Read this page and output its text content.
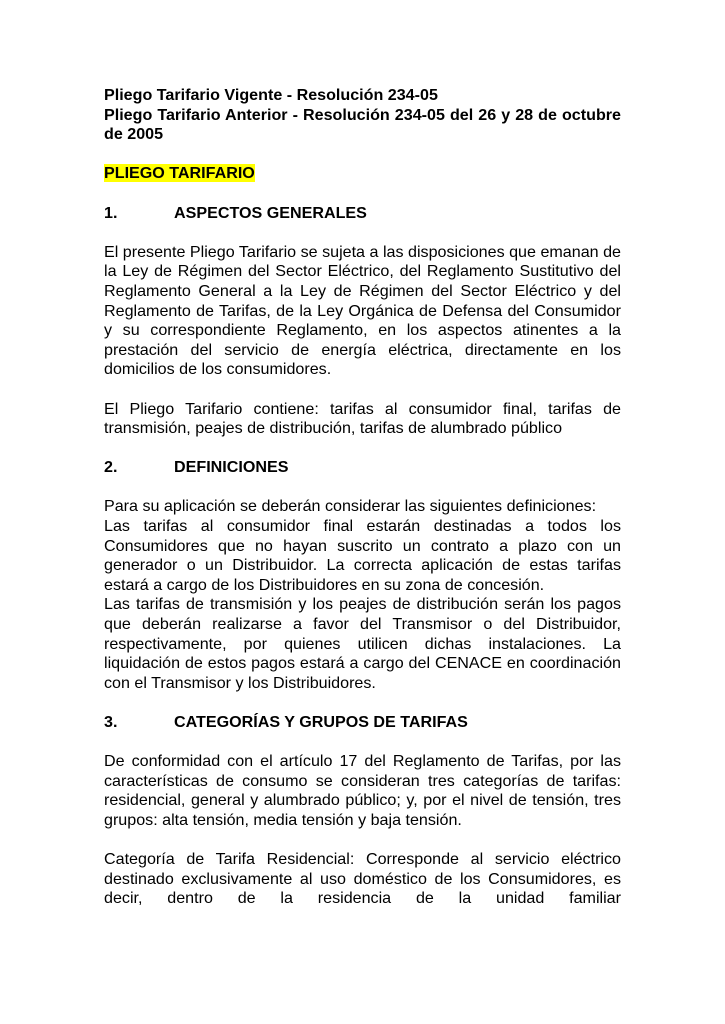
Pliego Tarifario Vigente - Resolución 234-05

Pliego Tarifario Anterior - Resolución 234-05 del 26 y 28 de octubre de 2005

PLIEGO TARIFARIO

1.	ASPECTOS GENERALES

El presente Pliego Tarifario se sujeta a las disposiciones que emanan de la Ley de Régimen del Sector Eléctrico, del Reglamento Sustitutivo del Reglamento General a la Ley de Régimen del Sector Eléctrico y del Reglamento de Tarifas, de la Ley Orgánica de Defensa del Consumidor y su correspondiente Reglamento, en los aspectos atinentes a la prestación del servicio de energía eléctrica, directamente en los domicilios de los consumidores.

El Pliego Tarifario contiene: tarifas al consumidor final, tarifas de transmisión, peajes de distribución, tarifas de alumbrado público

2.	DEFINICIONES

Para su aplicación se deberán considerar las siguientes definiciones:

Las tarifas al consumidor final estarán destinadas a todos los Consumidores que no hayan suscrito un contrato a plazo con un generador o un Distribuidor. La correcta aplicación de estas tarifas estará a cargo de los Distribuidores en su zona de concesión.

Las tarifas de transmisión y los peajes de distribución serán los pagos que deberán realizarse a favor del Transmisor o del Distribuidor, respectivamente, por quienes utilicen dichas instalaciones. La liquidación de estos pagos estará a cargo del CENACE en coordinación con el Transmisor y los Distribuidores.

3.	CATEGORÍAS Y GRUPOS DE TARIFAS

De conformidad con el artículo 17 del Reglamento de Tarifas, por las características de consumo se consideran tres categorías de tarifas: residencial, general y alumbrado público; y, por el nivel de tensión, tres grupos: alta tensión, media tensión y baja tensión.

Categoría de Tarifa Residencial: Corresponde al servicio eléctrico destinado exclusivamente al uso doméstico de los Consumidores, es decir, dentro de la residencia de la unidad familiar
